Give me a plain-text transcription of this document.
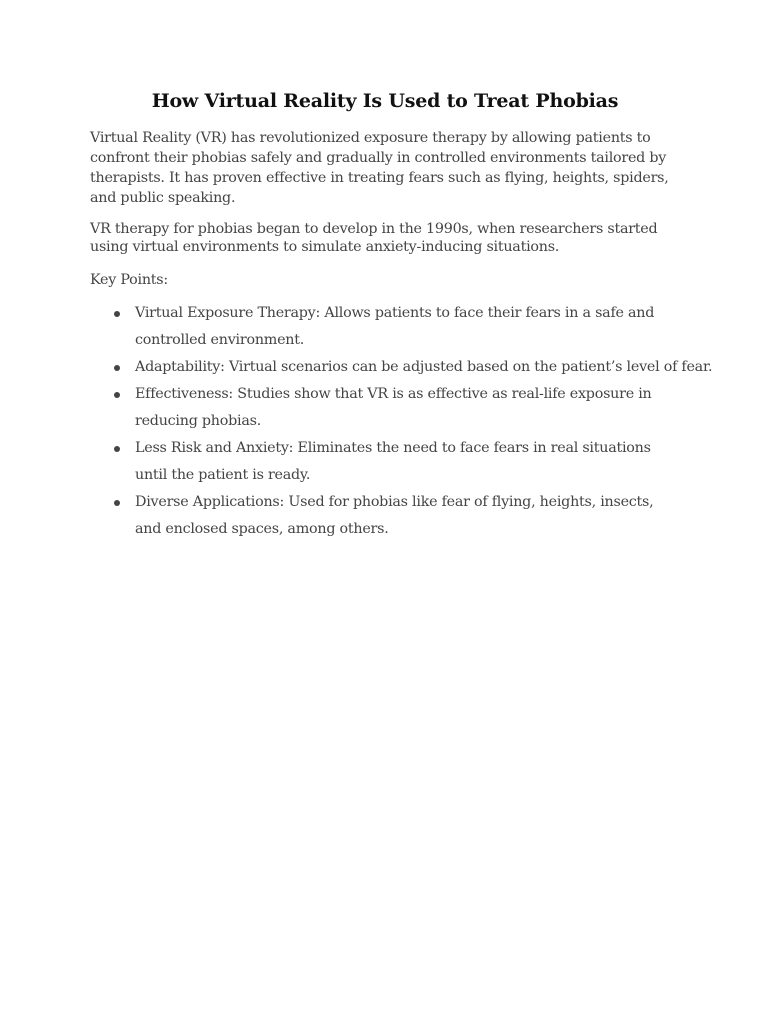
How Virtual Reality Is Used to Treat Phobias

Virtual Reality (VR) has revolutionized exposure therapy by allowing patients to confront their phobias safely and gradually in controlled environments tailored by therapists. It has proven effective in treating fears such as flying, heights, spiders, and public speaking.

VR therapy for phobias began to develop in the 1990s, when researchers started using virtual environments to simulate anxiety-inducing situations.

Key Points:

Virtual Exposure Therapy: Allows patients to face their fears in a safe and controlled environment.
Adaptability: Virtual scenarios can be adjusted based on the patient’s level of fear.
Effectiveness: Studies show that VR is as effective as real-life exposure in reducing phobias.
Less Risk and Anxiety: Eliminates the need to face fears in real situations until the patient is ready.
Diverse Applications: Used for phobias like fear of flying, heights, insects, and enclosed spaces, among others.
